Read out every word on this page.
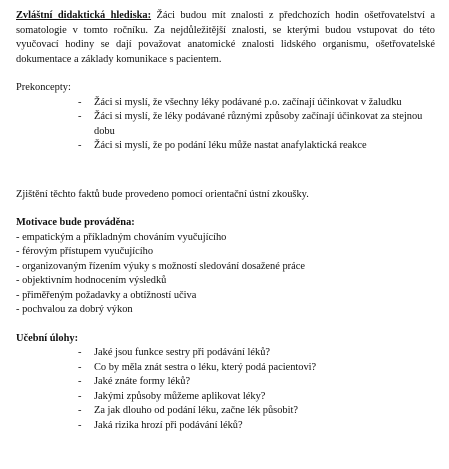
Zvláštní didaktická hlediska: Žáci budou mít znalosti z předchozích hodin ošetřovatelství a somatologie v tomto ročníku. Za nejdůležitější znalosti, se kterými budou vstupovat do této vyučovací hodiny se dají považovat anatomické znalosti lidského organismu, ošetřovatelské dokumentace a základy komunikace s pacientem.

Prekoncepty:

- Žáci si myslí, že všechny léky podávané p.o. začínají účinkovat v žaludku
- Žáci si myslí, že léky podávané různými způsoby začínají účinkovat za stejnou dobu
- Žáci si myslí, že po podání léku může nastat anafylaktická reakce

Zjištění těchto faktů bude provedeno pomocí orientační ústní zkoušky.

Motivace bude prováděna:

- empatickým a příkladným chováním vyučujícího
- férovým přístupem vyučujícího
- organizovaným řízením výuky s možností sledování dosažené práce
- objektivním hodnocením výsledků
- přiměřeným požadavky a obtížností učiva
- pochvalou za dobrý výkon

Učební úlohy:

- Jaké jsou funkce sestry při podávání léků?
- Co by měla znát sestra o léku, který podá pacientovi?
- Jaké znáte formy léků?
- Jakými způsoby můžeme aplikovat léky?
- Za jak dlouho od podání léku, začne lék působit?
- Jaká rizika hrozí při podávání léků?
